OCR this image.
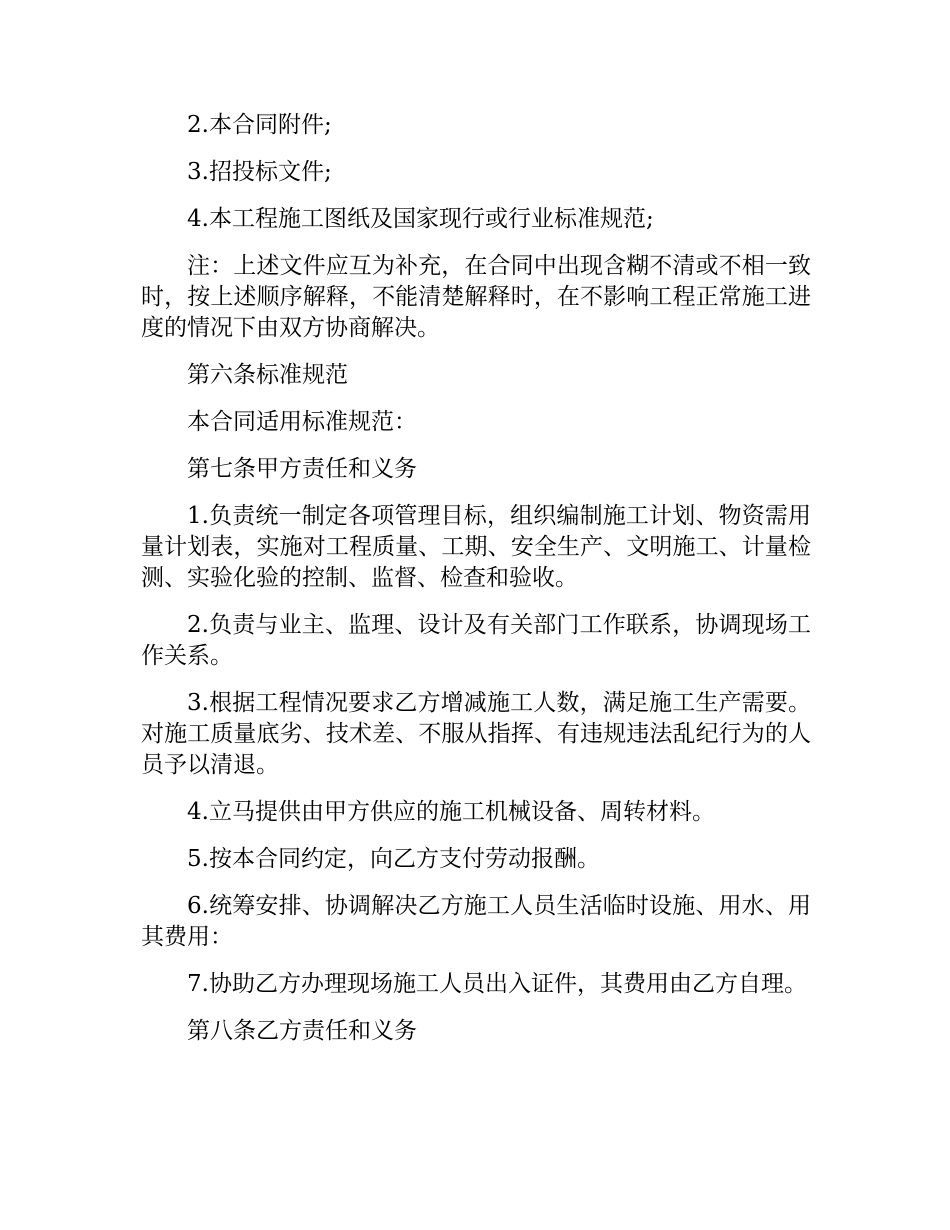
2.本合同附件;

3.招投标文件;

4.本工程施工图纸及国家现行或行业标准规范;

注：上述文件应互为补充，在合同中出现含糊不清或不相一致时，按上述顺序解释，不能清楚解释时，在不影响工程正常施工进度的情况下由双方协商解决。

第六条标准规范

本合同适用标准规范：

第七条甲方责任和义务

1.负责统一制定各项管理目标，组织编制施工计划、物资需用量计划表，实施对工程质量、工期、安全生产、文明施工、计量检测、实验化验的控制、监督、检查和验收。

2.负责与业主、监理、设计及有关部门工作联系，协调现场工作关系。

3.根据工程情况要求乙方增减施工人数，满足施工生产需要。对施工质量底劣、技术差、不服从指挥、有违规违法乱纪行为的人员予以清退。

4.立马提供由甲方供应的施工机械设备、周转材料。

5.按本合同约定，向乙方支付劳动报酬。

6.统筹安排、协调解决乙方施工人员生活临时设施、用水、用其费用：

7.协助乙方办理现场施工人员出入证件，其费用由乙方自理。

第八条乙方责任和义务
